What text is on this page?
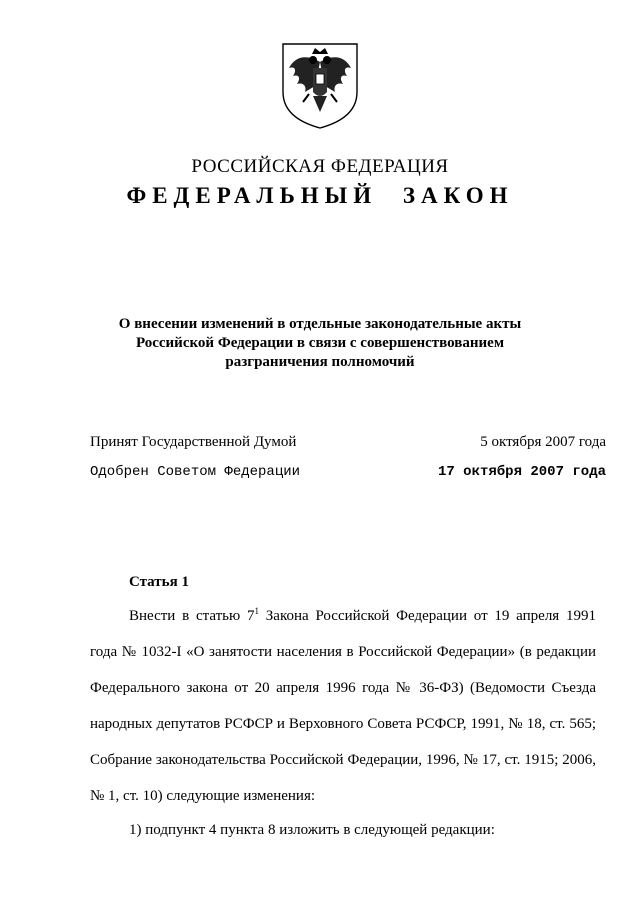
РОССИЙСКАЯ ФЕДЕРАЦИЯ
ФЕДЕРАЛЬНЫЙ ЗАКОН
О внесении изменений в отдельные законодательные акты
Российской Федерации в связи с совершенствованием
разграничения полномочий
Принят Государственной Думой	5 октября 2007 года
Одобрен Советом Федерации	17 октября 2007 года
Статья 1
Внести в статью $7^1$ Закона Российской Федерации от 19 апреля 1991 года № 1032-I «О занятости населения в Российской Федерации» (в редакции Федерального закона от 20 апреля 1996 года № 36-ФЗ) (Ведомости Съезда народных депутатов РСФСР и Верховного Совета РСФСР, 1991, № 18, ст. 565; Собрание законодательства Российской Федерации, 1996, № 17, ст. 1915; 2006, № 1, ст. 10) следующие изменения:
1) подпункт 4 пункта 8 изложить в следующей редакции:
